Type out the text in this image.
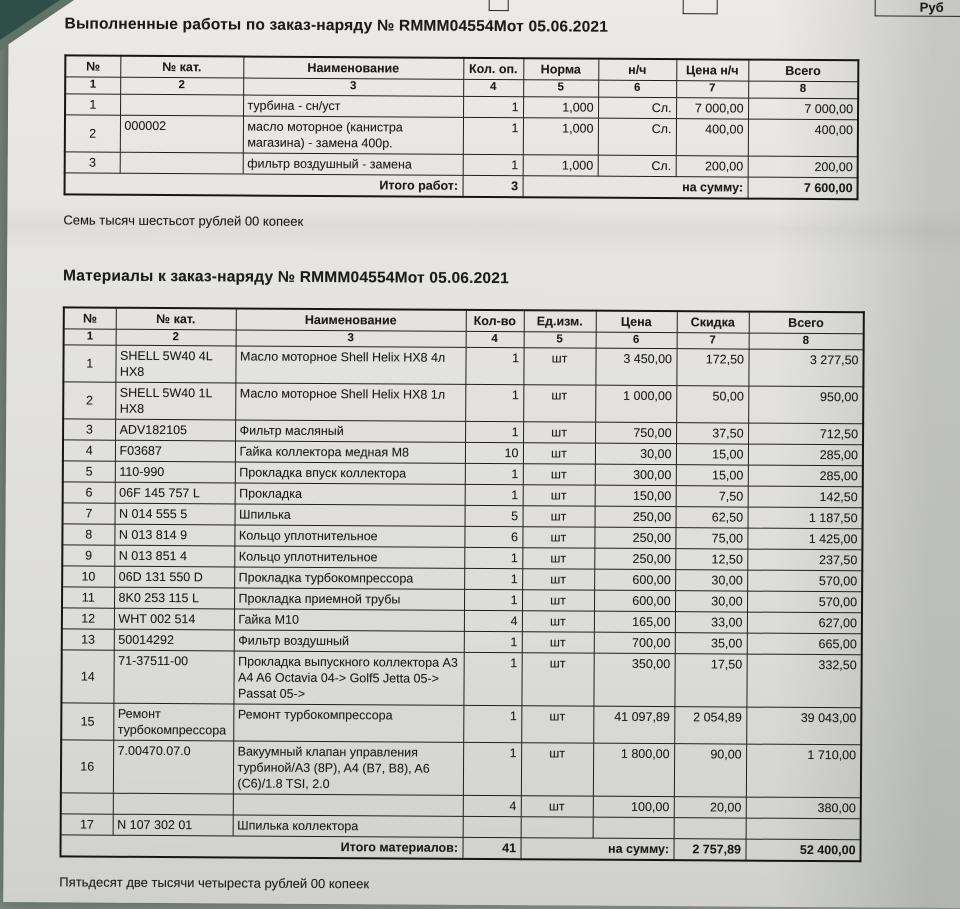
Руб
Выполненные работы по заказ-наряду № RMMM04554Мот 05.06.2021
№	№ кат.	Наименование	Кол. оп.	Норма	н/ч	Цена н/ч	Всего
1	2	3	4	5	6	7	8
1		турбина - сн/уст	1	1,000	Сл.	7 000,00	7 000,00
2	000002	масло моторное (канистра магазина) - замена 400р.	1	1,000	Сл.	400,00	400,00
3		фильтр воздушный - замена	1	1,000	Сл.	200,00	200,00
Итого работ:			3	на сумму:			7 600,00
Семь тысяч шестьсот рублей 00 копеек
Материалы к заказ-наряду № RMMM04554Мот 05.06.2021
№	№ кат.	Наименование	Кол-во	Ед.изм.	Цена	Скидка	Всего
1	2	3	4	5	6	7	8
1	SHELL 5W40 4L HX8	Масло моторное Shell Helix HX8 4л	1	шт	3 450,00	172,50	3 277,50
2	SHELL 5W40 1L HX8	Масло моторное Shell Helix HX8 1л	1	шт	1 000,00	50,00	950,00
3	ADV182105	Фильтр масляный	1	шт	750,00	37,50	712,50
4	F03687	Гайка коллектора медная М8	10	шт	30,00	15,00	285,00
5	110-990	Прокладка впуск коллектора	1	шт	300,00	15,00	285,00
6	06F 145 757 L	Прокладка	1	шт	150,00	7,50	142,50
7	N 014 555 5	Шпилька	5	шт	250,00	62,50	1 187,50
8	N 013 814 9	Кольцо уплотнительное	6	шт	250,00	75,00	1 425,00
9	N 013 851 4	Кольцо уплотнительное	1	шт	250,00	12,50	237,50
10	06D 131 550 D	Прокладка турбокомпрессора	1	шт	600,00	30,00	570,00
11	8K0 253 115 L	Прокладка приемной трубы	1	шт	600,00	30,00	570,00
12	WHT 002 514	Гайка М10	4	шт	165,00	33,00	627,00
13	50014292	Фильтр воздушный	1	шт	700,00	35,00	665,00
14	71-37511-00	Прокладка выпускного коллектора A3 A4 A6 Octavia 04-> Golf5 Jetta 05-> Passat 05->	1	шт	350,00	17,50	332,50
15	Ремонт турбокомпрессора	Ремонт турбокомпрессора	1	шт	41 097,89	2 054,89	39 043,00
16	7.00470.07.0	Вакуумный клапан управления турбиной/A3 (8P), A4 (B7, B8), A6 (C6)/1.8 TSI, 2.0	1	шт	1 800,00	90,00	1 710,00
			4	шт	100,00	20,00	380,00
17	N 107 302 01	Шпилька коллектора					
Итого материалов:			41	на сумму:		2 757,89	52 400,00
Пятьдесят две тысячи четыреста рублей 00 копеек
